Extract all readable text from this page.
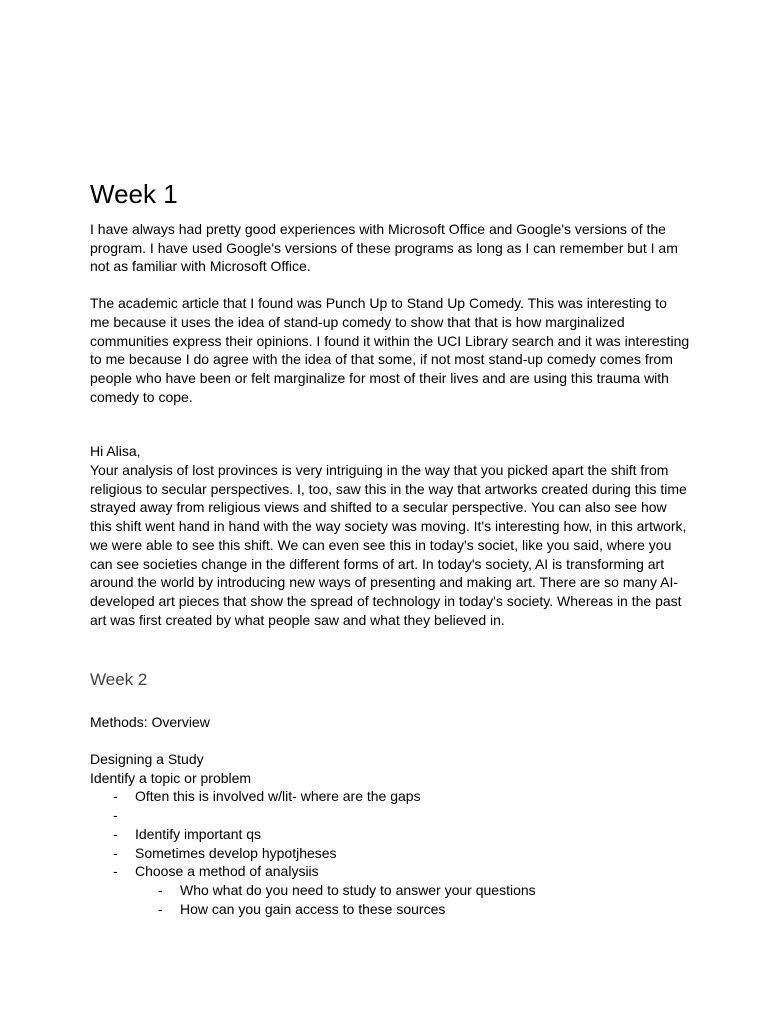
Week 1

I have always had pretty good experiences with Microsoft Office and Google's versions of the program. I have used Google's versions of these programs as long as I can remember but I am not as familiar with Microsoft Office.

The academic article that I found was Punch Up to Stand Up Comedy. This was interesting to me because it uses the idea of stand-up comedy to show that that is how marginalized communities express their opinions. I found it within the UCI Library search and it was interesting to me because I do agree with the idea of that some, if not most stand-up comedy comes from people who have been or felt marginalize for most of their lives and are using this trauma with comedy to cope.

Hi Alisa,

Your analysis of lost provinces is very intriguing in the way that you picked apart the shift from religious to secular perspectives. I, too, saw this in the way that artworks created during this time strayed away from religious views and shifted to a secular perspective. You can also see how this shift went hand in hand with the way society was moving. It's interesting how, in this artwork, we were able to see this shift. We can even see this in today's societ, like you said, where you can see societies change in the different forms of art. In today's society, AI is transforming art around the world by introducing new ways of presenting and making art. There are so many AI-developed art pieces that show the spread of technology in today's society. Whereas in the past art was first created by what people saw and what they believed in.

Week 2
Methods: Overview
Designing a Study
Identify a topic or problem
- Often this is involved w/lit- where are the gaps
-
- Identify important qs
- Sometimes develop hypotjheses
- Choose a method of analysiis
- Who what do you need to study to answer your questions
- How can you gain access to these sources
